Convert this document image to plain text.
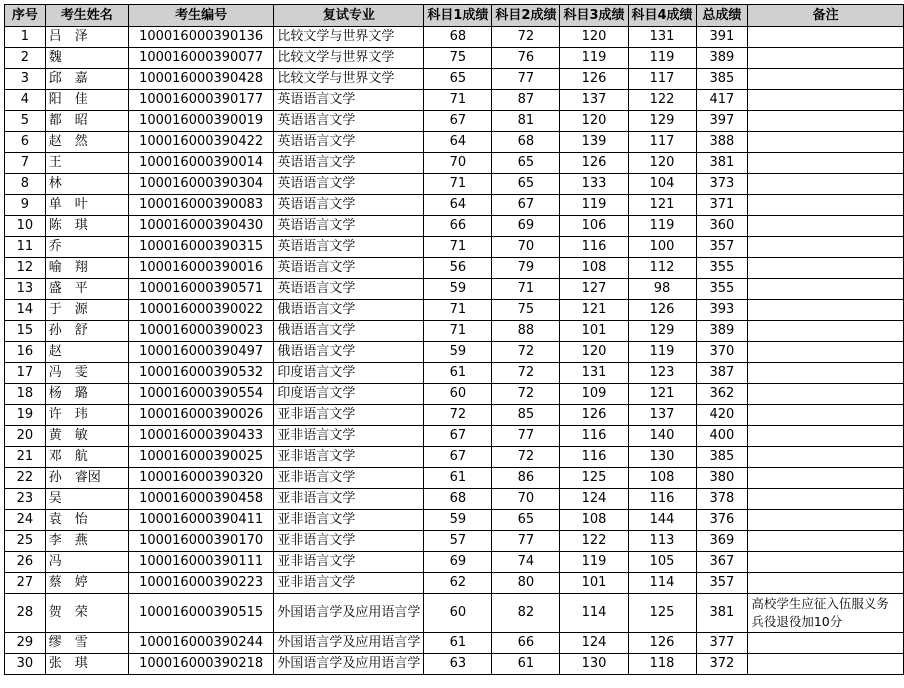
序号	考生姓名	考生编号	复试专业	科目1成绩	科目2成绩	科目3成绩	科目4成绩	总成绩	备注
1	吕　泽	100016000390136	比较文学与世界文学	68	72	120	131	391	
2	魏	100016000390077	比较文学与世界文学	75	76	119	119	389	
3	邱　嘉	100016000390428	比较文学与世界文学	65	77	126	117	385	
4	阳　佳	100016000390177	英语语言文学	71	87	137	122	417	
5	都　昭	100016000390019	英语语言文学	67	81	120	129	397	
6	赵　然	100016000390422	英语语言文学	64	68	139	117	388	
7	王	100016000390014	英语语言文学	70	65	126	120	381	
8	林	100016000390304	英语语言文学	71	65	133	104	373	
9	单　叶	100016000390083	英语语言文学	64	67	119	121	371	
10	陈　琪	100016000390430	英语语言文学	66	69	106	119	360	
11	乔	100016000390315	英语语言文学	71	70	116	100	357	
12	喻　翔	100016000390016	英语语言文学	56	79	108	112	355	
13	盛　平	100016000390571	英语语言文学	59	71	127	98	355	
14	于　源	100016000390022	俄语语言文学	71	75	121	126	393	
15	孙　舒	100016000390023	俄语语言文学	71	88	101	129	389	
16	赵	100016000390497	俄语语言文学	59	72	120	119	370	
17	冯　雯	100016000390532	印度语言文学	61	72	131	123	387	
18	杨　璐	100016000390554	印度语言文学	60	72	109	121	362	
19	许　玮	100016000390026	亚非语言文学	72	85	126	137	420	
20	黄　敏	100016000390433	亚非语言文学	67	77	116	140	400	
21	邓　航	100016000390025	亚非语言文学	67	72	116	130	385	
22	孙　睿囡	100016000390320	亚非语言文学	61	86	125	108	380	
23	吴	100016000390458	亚非语言文学	68	70	124	116	378	
24	袁　怡	100016000390411	亚非语言文学	59	65	108	144	376	
25	李　燕	100016000390170	亚非语言文学	57	77	122	113	369	
26	冯	100016000390111	亚非语言文学	69	74	119	105	367	
27	蔡　婷	100016000390223	亚非语言文学	62	80	101	114	357	
28	贺　荣	100016000390515	外国语言学及应用语言学	60	82	114	125	381	高校学生应征入伍服义务兵役退役加10分
29	缪　雪	100016000390244	外国语言学及应用语言学	61	66	124	126	377	
30	张　琪	100016000390218	外国语言学及应用语言学	63	61	130	118	372	
